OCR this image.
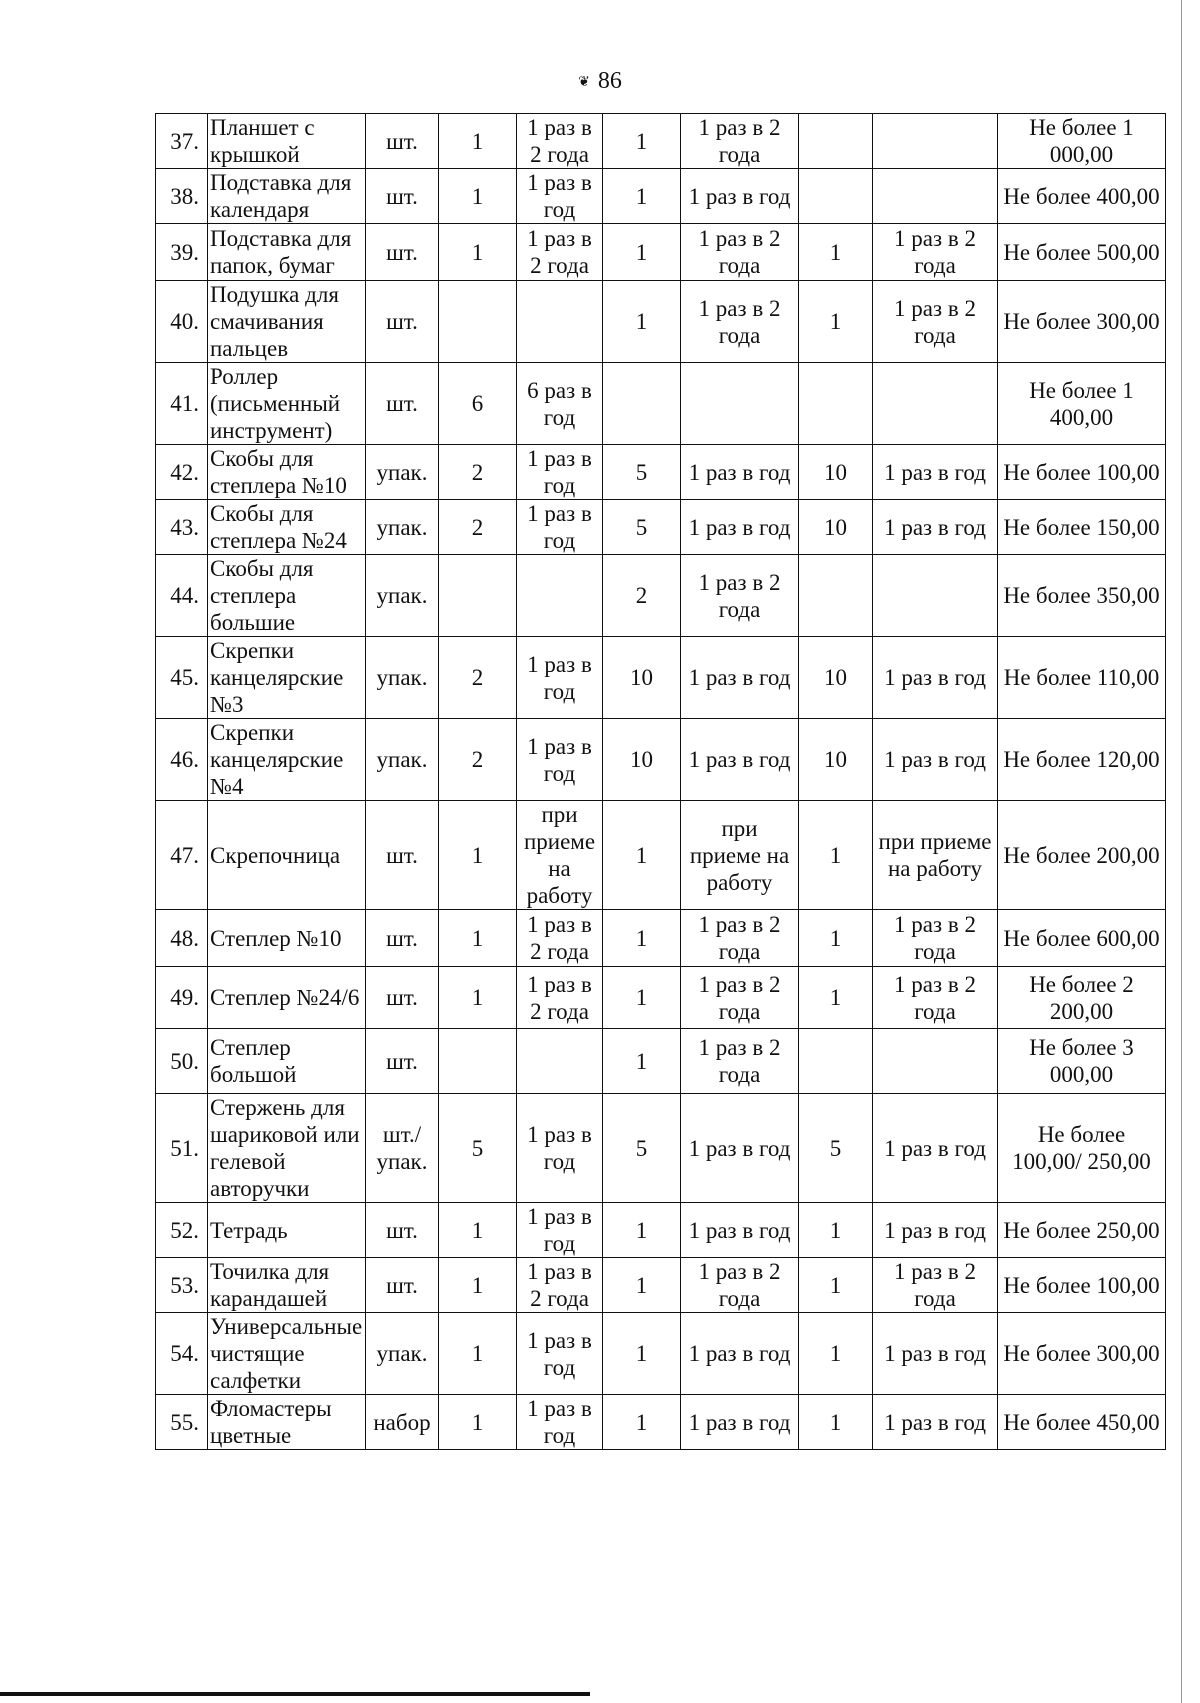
❦ 86
37.	Планшет с крышкой	шт.	1	1 раз в 2 года	1	1 раз в 2 года			Не более 1 000,00
38.	Подставка для календаря	шт.	1	1 раз в год	1	1 раз в год			Не более 400,00
39.	Подставка для папок, бумаг	шт.	1	1 раз в 2 года	1	1 раз в 2 года	1	1 раз в 2 года	Не более 500,00
40.	Подушка для смачивания пальцев	шт.			1	1 раз в 2 года	1	1 раз в 2 года	Не более 300,00
41.	Роллер (письменный инструмент)	шт.	6	6 раз в год					Не более 1 400,00
42.	Скобы для степлера №10	упак.	2	1 раз в год	5	1 раз в год	10	1 раз в год	Не более 100,00
43.	Скобы для степлера №24	упак.	2	1 раз в год	5	1 раз в год	10	1 раз в год	Не более 150,00
44.	Скобы для степлера большие	упак.			2	1 раз в 2 года			Не более 350,00
45.	Скрепки канцелярские №3	упак.	2	1 раз в год	10	1 раз в год	10	1 раз в год	Не более 110,00
46.	Скрепки канцелярские №4	упак.	2	1 раз в год	10	1 раз в год	10	1 раз в год	Не более 120,00
47.	Скрепочница	шт.	1	при приеме на работу	1	при приеме на работу	1	при приеме на работу	Не более 200,00
48.	Степлер №10	шт.	1	1 раз в 2 года	1	1 раз в 2 года	1	1 раз в 2 года	Не более 600,00
49.	Степлер №24/6	шт.	1	1 раз в 2 года	1	1 раз в 2 года	1	1 раз в 2 года	Не более 2 200,00
50.	Степлер большой	шт.			1	1 раз в 2 года			Не более 3 000,00
51.	Стержень для шариковой или гелевой авторучки	шт./ упак.	5	1 раз в год	5	1 раз в год	5	1 раз в год	Не более 100,00/ 250,00
52.	Тетрадь	шт.	1	1 раз в год	1	1 раз в год	1	1 раз в год	Не более 250,00
53.	Точилка для карандашей	шт.	1	1 раз в 2 года	1	1 раз в 2 года	1	1 раз в 2 года	Не более 100,00
54.	Универсальные чистящие салфетки	упак.	1	1 раз в год	1	1 раз в год	1	1 раз в год	Не более 300,00
55.	Фломастеры цветные	набор	1	1 раз в год	1	1 раз в год	1	1 раз в год	Не более 450,00
